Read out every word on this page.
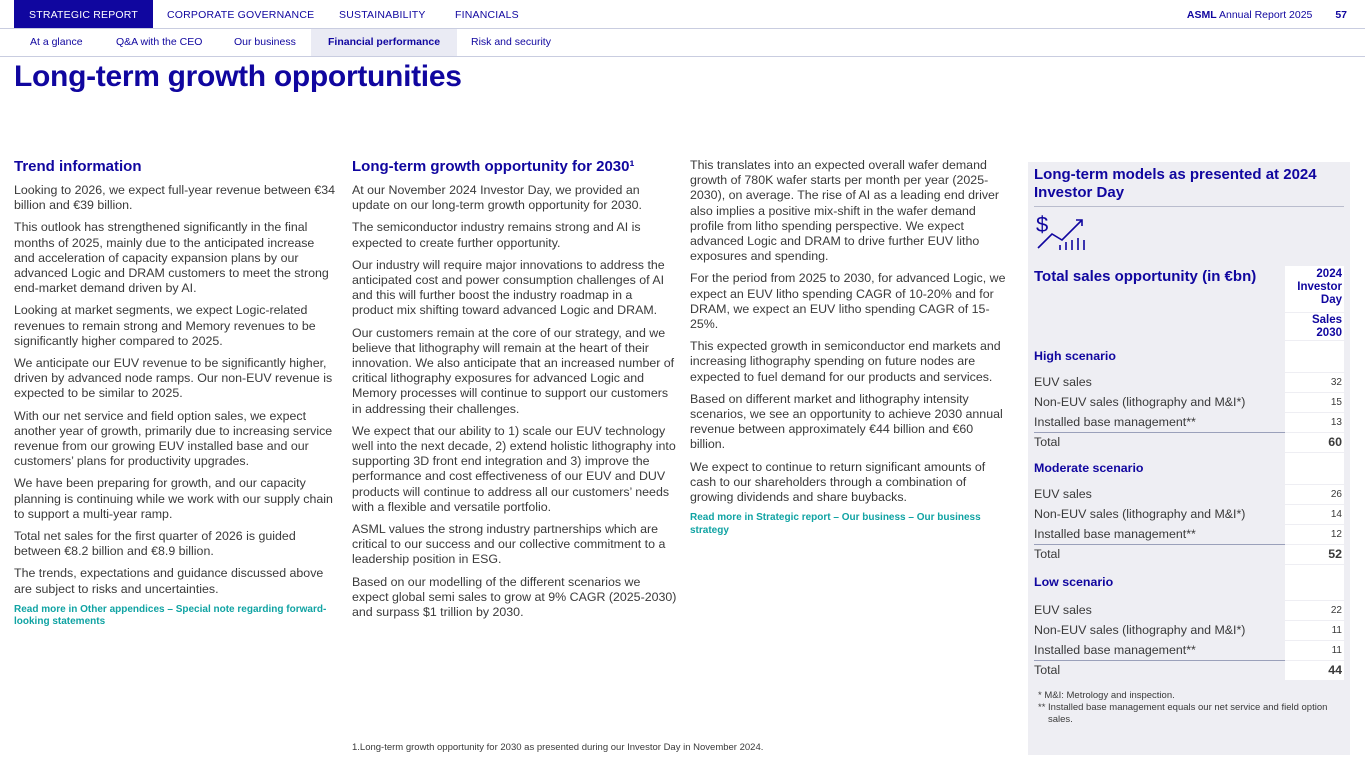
STRATEGIC REPORT	CORPORATE GOVERNANCE SUSTAINABILITY	FINANCIALS	ASML Annual Report 2025 57
At a glance	Q&A with the CEO	Our business	Financial performance	Risk and security
Long-term growth opportunities
Trend information

Looking to 2026, we expect full-year revenue between €34 billion and €39 billion.

This outlook has strengthened significantly in the final months of 2025, mainly due to the anticipated increase and acceleration of capacity expansion plans by our advanced Logic and DRAM customers to meet the strong end-market demand driven by AI.

Looking at market segments, we expect Logic-related revenues to remain strong and Memory revenues to be significantly higher compared to 2025.

We anticipate our EUV revenue to be significantly higher, driven by advanced node ramps. Our non-EUV revenue is expected to be similar to 2025.

With our net service and field option sales, we expect another year of growth, primarily due to increasing service revenue from our growing EUV installed base and our customers’ plans for productivity upgrades.

We have been preparing for growth, and our capacity planning is continuing while we work with our supply chain to support a multi-year ramp.

Total net sales for the first quarter of 2026 is guided between €8.2 billion and €8.9 billion.

The trends, expectations and guidance discussed above are subject to risks and uncertainties.

Read more in Other appendices – Special note regarding forward-looking statements
Long-term growth opportunity for 2030¹

At our November 2024 Investor Day, we provided an update on our long-term growth opportunity for 2030.

The semiconductor industry remains strong and AI is expected to create further opportunity.

Our industry will require major innovations to address the anticipated cost and power consumption challenges of AI and this will further boost the industry roadmap in a product mix shifting toward advanced Logic and DRAM.

Our customers remain at the core of our strategy, and we believe that lithography will remain at the heart of their innovation. We also anticipate that an increased number of critical lithography exposures for advanced Logic and Memory processes will continue to support our customers in addressing their challenges.

We expect that our ability to 1) scale our EUV technology well into the next decade, 2) extend holistic lithography into supporting 3D front end integration and 3) improve the performance and cost effectiveness of our EUV and DUV products will continue to address all our customers’ needs with a flexible and versatile portfolio.

ASML values the strong industry partnerships which are critical to our success and our collective commitment to a leadership position in ESG.

Based on our modelling of the different scenarios we expect global semi sales to grow at 9% CAGR (2025-2030) and surpass $1 trillion by 2030.

This translates into an expected overall wafer demand growth of 780K wafer starts per month per year (2025-2030), on average. The rise of AI as a leading end driver also implies a positive mix-shift in the wafer demand profile from litho spending perspective. We expect advanced Logic and DRAM to drive further EUV litho exposures and spending.

For the period from 2025 to 2030, for advanced Logic, we expect an EUV litho spending CAGR of 10-20% and for DRAM, we expect an EUV litho spending CAGR of 15-25%.

This expected growth in semiconductor end markets and increasing lithography spending on future nodes are expected to fuel demand for our products and services.

Based on different market and lithography intensity scenarios, we see an opportunity to achieve 2030 annual revenue between approximately €44 billion and €60 billion.

We expect to continue to return significant amounts of cash to our shareholders through a combination of growing dividends and share buybacks.

Read more in Strategic report – Our business – Our business strategy
1.Long-term growth opportunity for 2030 as presented during our Investor Day in November 2024.
Long-term models as presented at 2024 Investor Day
$
Total sales opportunity (in €bn)	2024 Investor Day
	Sales 2030
High scenario	
EUV sales	32
Non-EUV sales (lithography and M&I*)	15
Installed base management**	13
Total	60
Moderate scenario	
EUV sales	26
Non-EUV sales (lithography and M&I*)	14
Installed base management**	12
Total	52
Low scenario	
EUV sales	22
Non-EUV sales (lithography and M&I*)	11
Installed base management**	11
Total	44
* M&I: Metrology and inspection.
** Installed base management equals our net service and field option sales.
